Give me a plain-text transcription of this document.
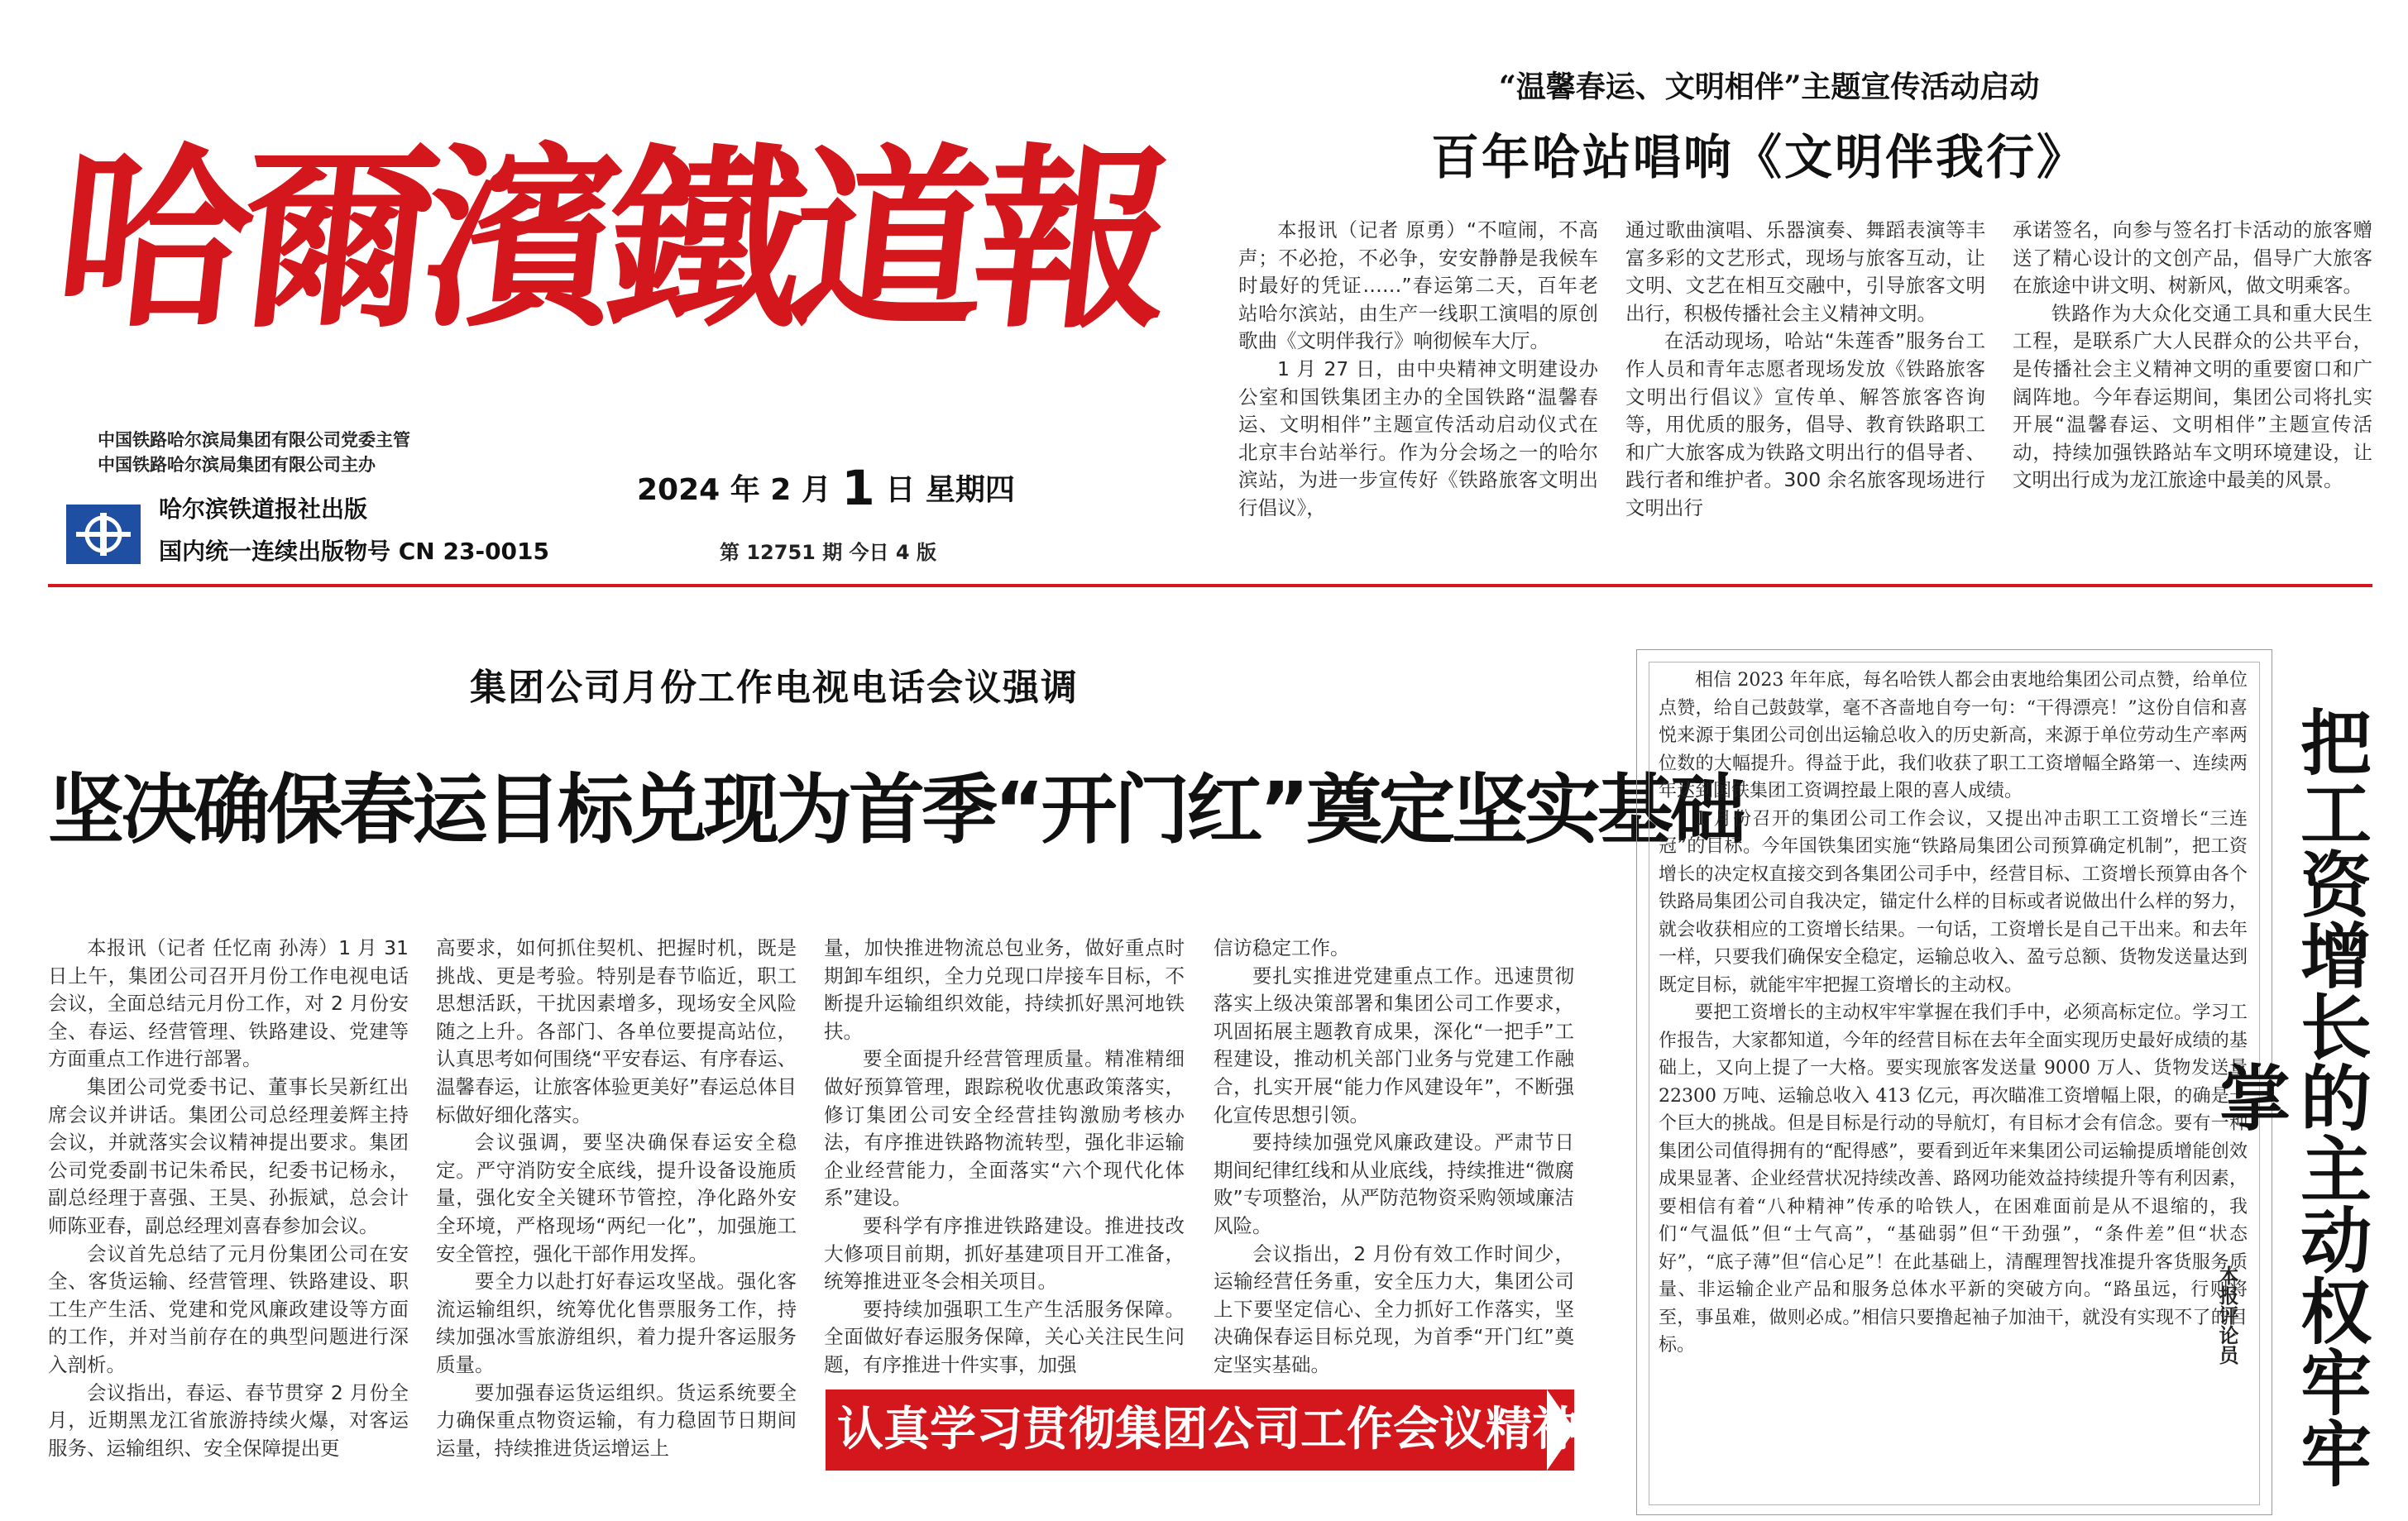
哈爾濱鐵道報
中国铁路哈尔滨局集团有限公司党委主管
中国铁路哈尔滨局集团有限公司主办
哈尔滨铁道报社出版
国内统一连续出版物号 CN 23-0015
2024 年 2 月 1 日 星期四
第 12751 期 今日 4 版
“温馨春运、文明相伴”主题宣传活动启动
百年哈站唱响《文明伴我行》

本报讯（记者 原勇）“不喧闹，不高声；不必抢，不必争，安安静静是我候车时最好的凭证……”春运第二天，百年老站哈尔滨站，由生产一线职工演唱的原创歌曲《文明伴我行》响彻候车大厅。

1 月 27 日，由中央精神文明建设办公室和国铁集团主办的全国铁路“温馨春运、文明相伴”主题宣传活动启动仪式在北京丰台站举行。作为分会场之一的哈尔滨站，为进一步宣传好《铁路旅客文明出行倡议》，

通过歌曲演唱、乐器演奏、舞蹈表演等丰富多彩的文艺形式，现场与旅客互动，让文明、文艺在相互交融中，引导旅客文明出行，积极传播社会主义精神文明。

在活动现场，哈站“朱莲香”服务台工作人员和青年志愿者现场发放《铁路旅客文明出行倡议》宣传单、解答旅客咨询等，用优质的服务，倡导、教育铁路职工和广大旅客成为铁路文明出行的倡导者、践行者和维护者。300 余名旅客现场进行文明出行

承诺签名，向参与签名打卡活动的旅客赠送了精心设计的文创产品，倡导广大旅客在旅途中讲文明、树新风，做文明乘客。

铁路作为大众化交通工具和重大民生工程，是联系广大人民群众的公共平台，是传播社会主义精神文明的重要窗口和广阔阵地。今年春运期间，集团公司将扎实开展“温馨春运、文明相伴”主题宣传活动，持续加强铁路站车文明环境建设，让文明出行成为龙江旅途中最美的风景。

集团公司月份工作电视电话会议强调
坚决确保春运目标兑现为首季“开门红”奠定坚实基础

本报讯（记者 任忆南 孙涛）1 月 31 日上午，集团公司召开月份工作电视电话会议，全面总结元月份工作，对 2 月份安全、春运、经营管理、铁路建设、党建等方面重点工作进行部署。

集团公司党委书记、董事长吴新红出席会议并讲话。集团公司总经理姜辉主持会议，并就落实会议精神提出要求。集团公司党委副书记朱希民，纪委书记杨永，副总经理于喜强、王昊、孙振斌，总会计师陈亚春，副总经理刘喜春参加会议。

会议首先总结了元月份集团公司在安全、客货运输、经营管理、铁路建设、职工生产生活、党建和党风廉政建设等方面的工作，并对当前存在的典型问题进行深入剖析。

会议指出，春运、春节贯穿 2 月份全月，近期黑龙江省旅游持续火爆，对客运服务、运输组织、安全保障提出更

高要求，如何抓住契机、把握时机，既是挑战、更是考验。特别是春节临近，职工思想活跃，干扰因素增多，现场安全风险随之上升。各部门、各单位要提高站位，认真思考如何围绕“平安春运、有序春运、温馨春运，让旅客体验更美好”春运总体目标做好细化落实。

会议强调，要坚决确保春运安全稳定。严守消防安全底线，提升设备设施质量，强化安全关键环节管控，净化路外安全环境，严格现场“两纪一化”，加强施工安全管控，强化干部作用发挥。

要全力以赴打好春运攻坚战。强化客流运输组织，统筹优化售票服务工作，持续加强冰雪旅游组织，着力提升客运服务质量。

要加强春运货运组织。货运系统要全力确保重点物资运输，有力稳固节日期间运量，持续推进货运增运上

量，加快推进物流总包业务，做好重点时期卸车组织，全力兑现口岸接车目标，不断提升运输组织效能，持续抓好黑河地铁扶。

要全面提升经营管理质量。精准精细做好预算管理，跟踪税收优惠政策落实，修订集团公司安全经营挂钩激励考核办法，有序推进铁路物流转型，强化非运输企业经营能力，全面落实“六个现代化体系”建设。

要科学有序推进铁路建设。推进技改大修项目前期，抓好基建项目开工准备，统筹推进亚冬会相关项目。

要持续加强职工生产生活服务保障。全面做好春运服务保障，关心关注民生问题，有序推进十件实事，加强

信访稳定工作。

要扎实推进党建重点工作。迅速贯彻落实上级决策部署和集团公司工作要求，巩固拓展主题教育成果，深化“一把手”工程建设，推动机关部门业务与党建工作融合，扎实开展“能力作风建设年”，不断强化宣传思想引领。

要持续加强党风廉政建设。严肃节日期间纪律红线和从业底线，持续推进“微腐败”专项整治，从严防范物资采购领域廉洁风险。

会议指出，2 月份有效工作时间少，运输经营任务重，安全压力大，集团公司上下要坚定信心、全力抓好工作落实，坚决确保春运目标兑现，为首季“开门红”奠定坚实基础。

认真学习贯彻集团公司工作会议精神

相信 2023 年年底，每名哈铁人都会由衷地给集团公司点赞，给单位点赞，给自己鼓鼓掌，毫不吝啬地自夸一句：“干得漂亮！”这份自信和喜悦来源于集团公司创出运输总收入的历史新高，来源于单位劳动生产率两位数的大幅提升。得益于此，我们收获了职工工资增幅全路第一、连续两年达到国铁集团工资调控最上限的喜人成绩。

1 月份召开的集团公司工作会议，又提出冲击职工工资增长“三连冠”的目标。今年国铁集团实施“铁路局集团公司预算确定机制”，把工资增长的决定权直接交到各集团公司手中，经营目标、工资增长预算由各个铁路局集团公司自我决定，锚定什么样的目标或者说做出什么样的努力，就会收获相应的工资增长结果。一句话，工资增长是自己干出来。和去年一样，只要我们确保安全稳定，运输总收入、盈亏总额、货物发送量达到既定目标，就能牢牢把握工资增长的主动权。

要把工资增长的主动权牢牢掌握在我们手中，必须高标定位。学习工作报告，大家都知道，今年的经营目标在去年全面实现历史最好成绩的基础上，又向上提了一大格。要实现旅客发送量 9000 万人、货物发送量 22300 万吨、运输总收入 413 亿元，再次瞄准工资增幅上限，的确是一个巨大的挑战。但是目标是行动的导航灯，有目标才会有信念。要有一种集团公司值得拥有的“配得感”，要看到近年来集团公司运输提质增能创效成果显著、企业经营状况持续改善、路网功能效益持续提升等有利因素，要相信有着“八种精神”传承的哈铁人，在困难面前是从不退缩的，我们“气温低”但“士气高”，“基础弱”但“干劲强”，“条件差”但“状态好”，“底子薄”但“信心足”！在此基础上，清醒理智找准提升客货服务质量、非运输企业产品和服务总体水平新的突破方向。“路虽远，行则将至，事虽难，做则必成。”相信只要撸起袖子加油干，就没有实现不了的目标。	把工资增长的主动权牢牢掌
本报评论员
